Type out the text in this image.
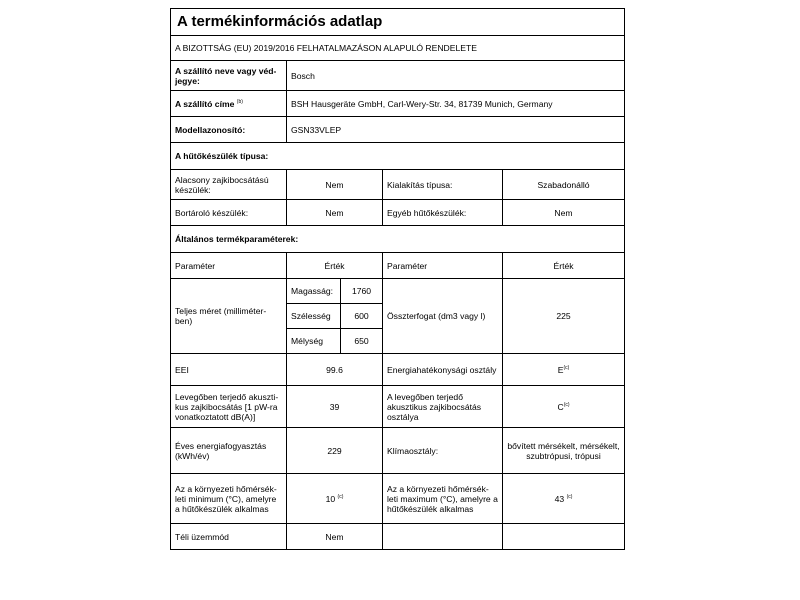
A termékinformációs adatlap				
A BIZOTTSÁG (EU) 2019/2016 FELHATALMAZÁSON ALAPULÓ RENDELETE				
A szállító neve vagy véd-jegye:	Bosch			
A szállító címe $^{(b)}$	BSH Hausgeräte GmbH, Carl-Wery-Str. 34, 81739 Munich, Germany			
Modellazonosító:	GSN33VLEP			
A hűtőkészülék típusa:				
Alacsony zajkibocsátású készülék:	Nem		Kialakítás típusa:	Szabadonálló
Bortároló készülék:	Nem		Egyéb hűtőkészülék:	Nem
Általános termékparaméterek:				
Paraméter	Érték		Paraméter	Érték
Teljes méret (milliméter-ben)	Magasság:	1760	Összterfogat (dm3 vagy l)	225
	Szélesség	600		
	Mélység	650		
EEI	99.6		Energiahatékonysági osztály	$E^{(c)}$
Levegőben terjedő akuszti-kus zajkibocsátás [1 pW-ra vonatkoztatott dB(A)]	39		A levegőben terjedő akusztikus zajkibocsátás osztálya	$C^{(c)}$
Éves energiafogyasztás (kWh/év)	229		Klímaosztály:	bővített mérsékelt, mérsékelt, szubtrópusi, trópusi
Az a környezeti hőmérsék-leti minimum (°C), amelyre a hűtőkészülék alkalmas	10 $^{(c)}$		Az a környezeti hőmérsék-leti maximum (°C), amelyre a hűtőkészülék alkalmas	43 $^{(c)}$
Téli üzemmód	Nem			
